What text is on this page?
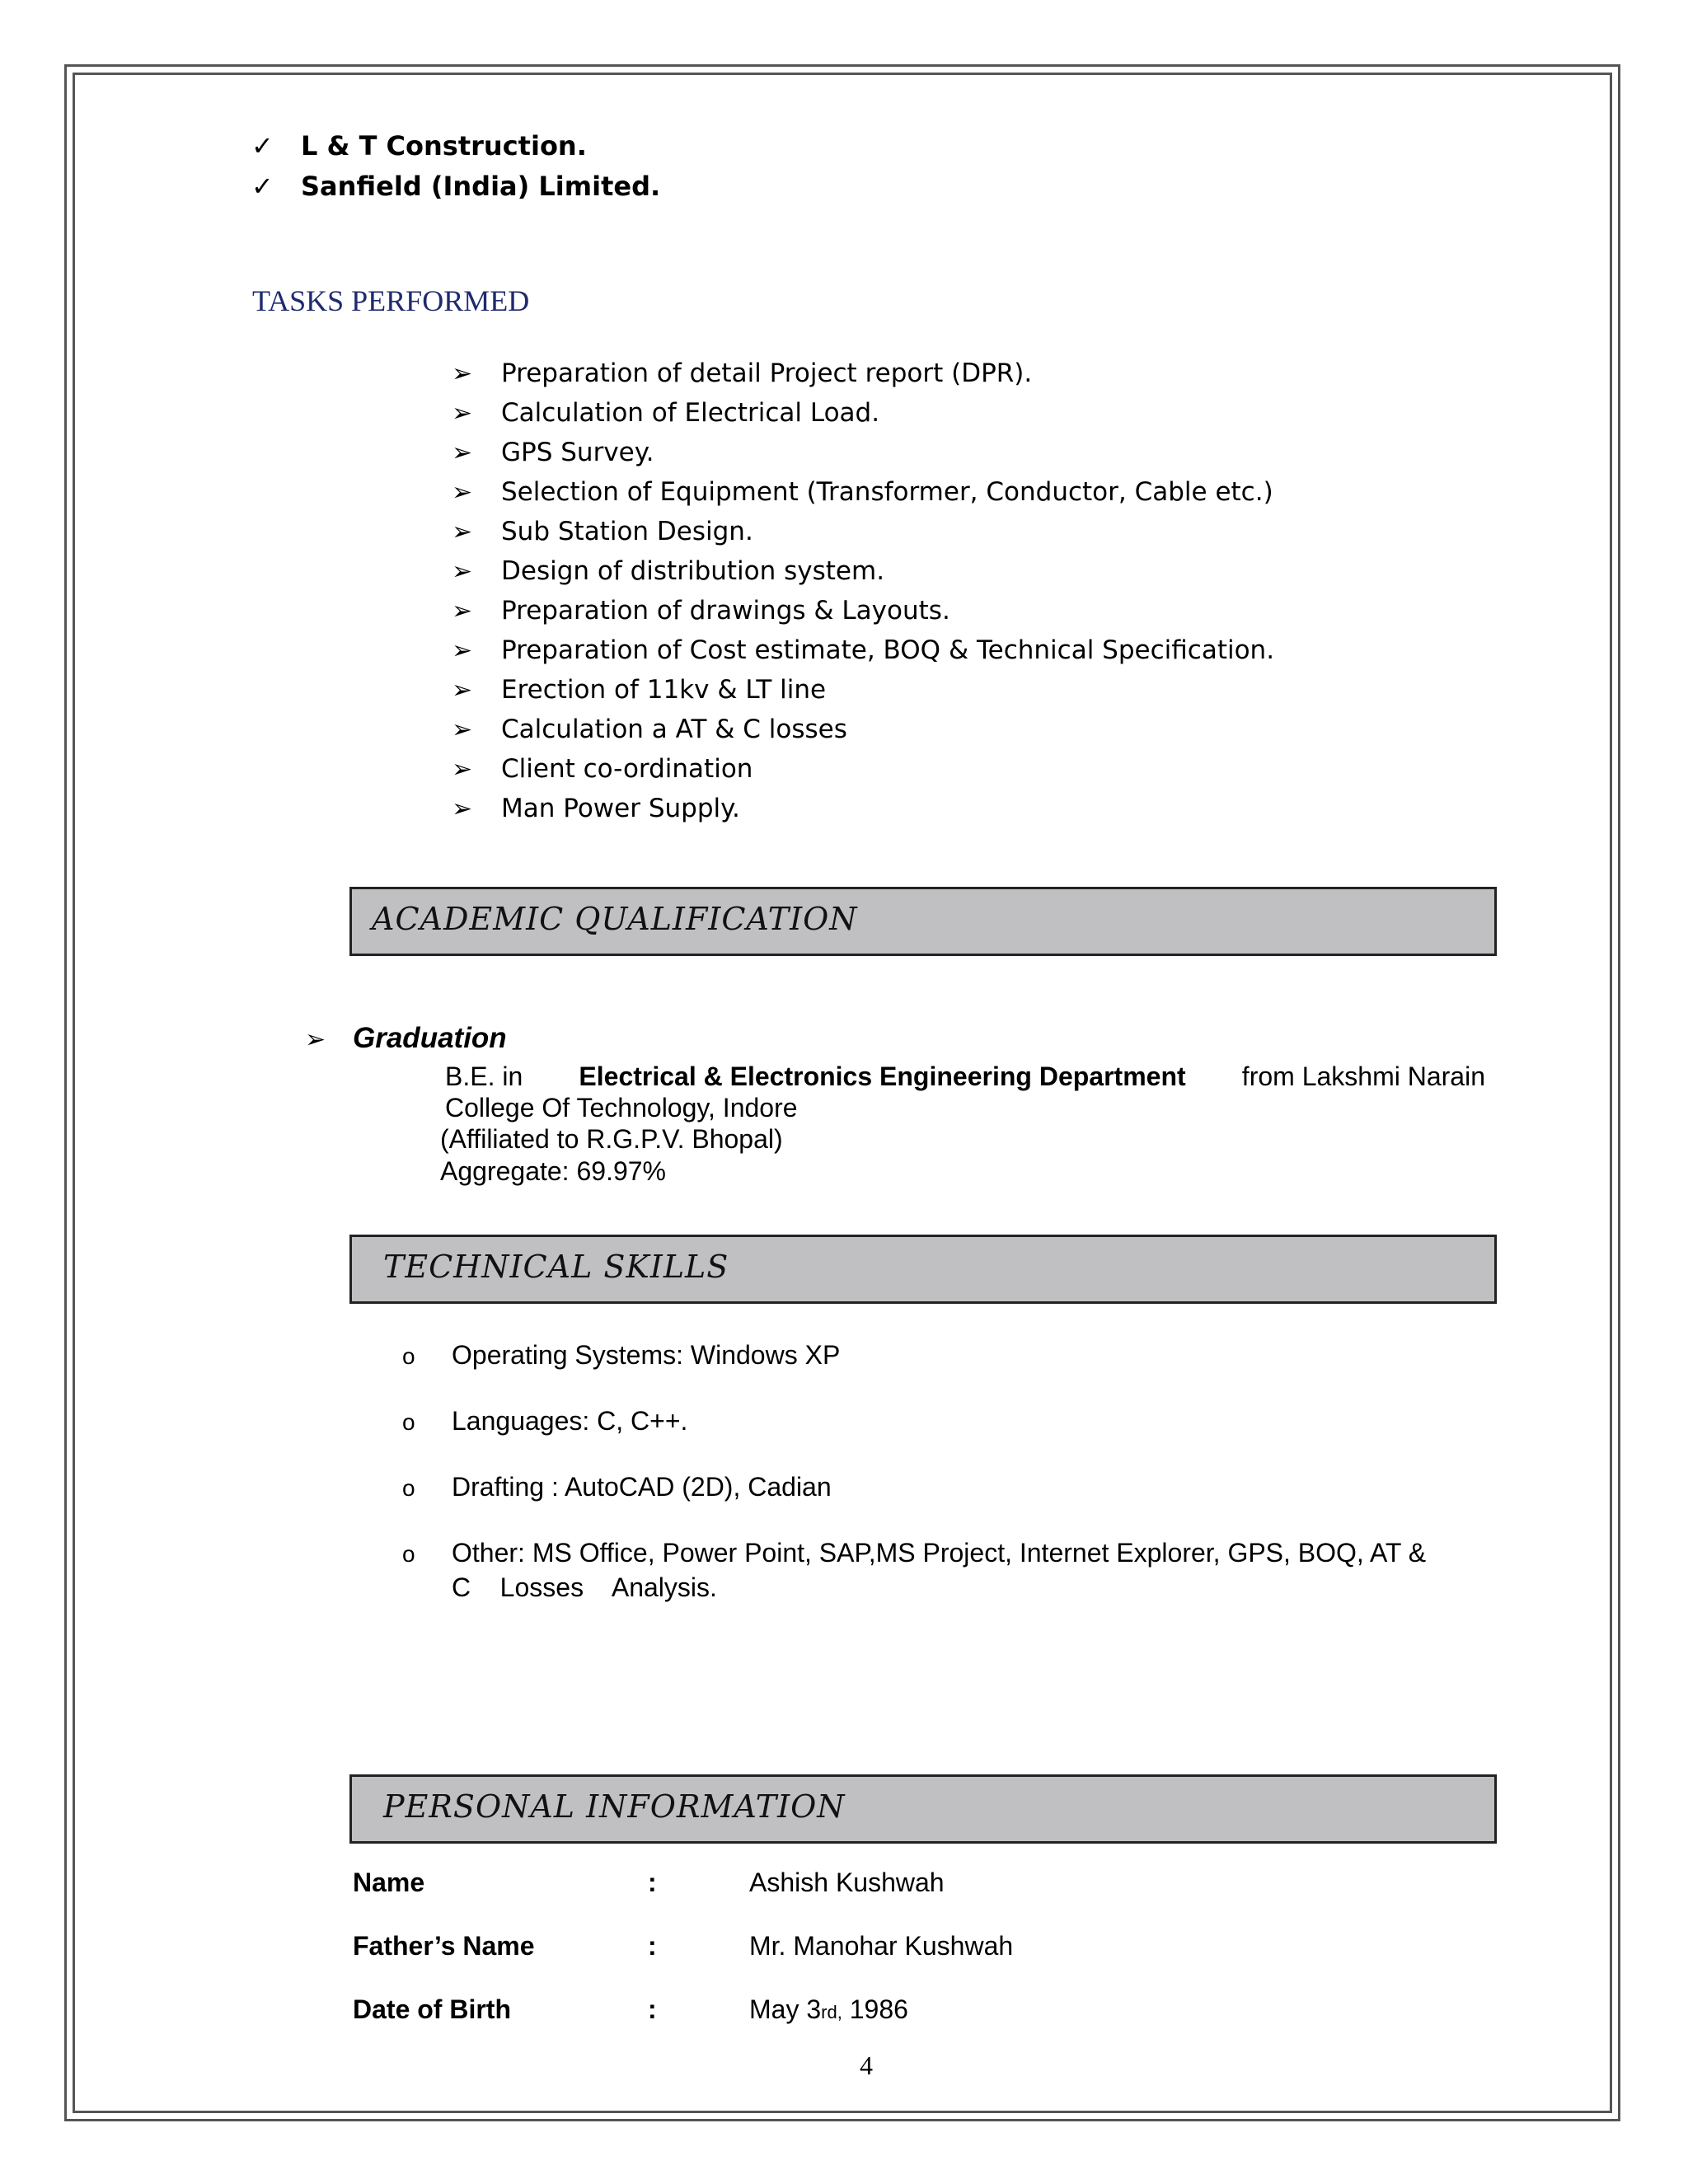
✓ L & T Construction.
✓ Sanfield (India) Limited.
TASKS PERFORMED
➢ Preparation of detail Project report (DPR).
➢ Calculation of Electrical Load.
➢ GPS Survey.
➢ Selection of Equipment (Transformer, Conductor, Cable etc.)
➢ Sub Station Design.
➢ Design of distribution system.
➢ Preparation of drawings & Layouts.
➢ Preparation of Cost estimate, BOQ & Technical Specification.
➢ Erection of 11kv & LT line
➢ Calculation a AT & C losses
➢ Client co-ordination
➢ Man Power Supply.
ACADEMIC QUALIFICATION
➢ Graduation
B.E. in Electrical & Electronics Engineering Department from Lakshmi Narain
College Of Technology, Indore
(Affiliated to R.G.P.V. Bhopal)
Aggregate: 69.97%
TECHNICAL SKILLS
o Operating Systems: Windows XP
o Languages: C, C++.
o Drafting : AutoCAD (2D), Cadian
o Other: MS Office, Power Point, SAP,MS Project, Internet Explorer, GPS, BOQ, AT &
C    Losses    Analysis.
PERSONAL INFORMATION
Name	:	Ashish Kushwah
Father’s Name	:	Mr. Manohar Kushwah
Date of Birth	:	May 3rd, 1986
4
